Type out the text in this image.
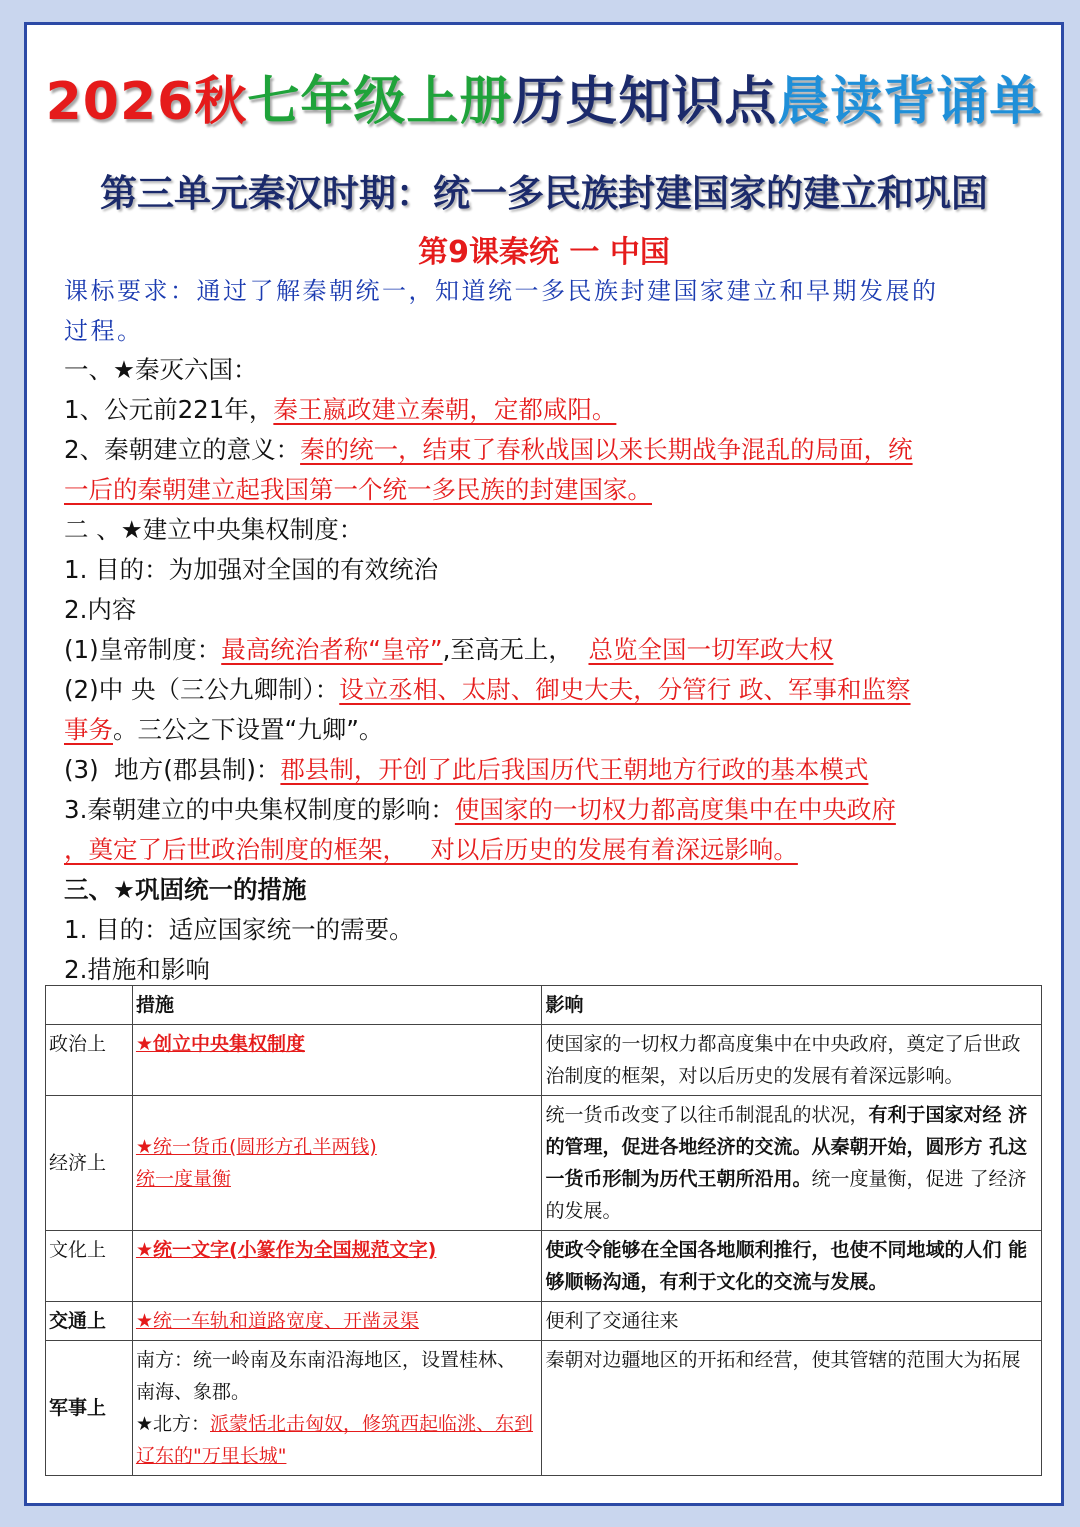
2026秋七年级上册历史知识点晨读背诵单
第三单元秦汉时期：统一多民族封建国家的建立和巩固
第9课秦统 一 中国
课标要求：通过了解秦朝统一，知道统一多民族封建国家建立和早期发展的
过程。
一、★秦灭六国：
1、公元前221年，秦王嬴政建立秦朝，定都咸阳。
2、秦朝建立的意义：秦的统一，结束了春秋战国以来长期战争混乱的局面，统
一后的秦朝建立起我国第一个统一多民族的封建国家。
二 、★建立中央集权制度：
1. 目的：为加强对全国的有效统治
2.内容
(1)皇帝制度：最高统治者称“皇帝”,至高无上，  总览全国一切军政大权
(2)中 央（三公九卿制）：设立丞相、太尉、御史大夫，分管行 政、军事和监察
事务。三公之下设置“九卿”。
(3)  地方(郡县制)：郡县制，开创了此后我国历代王朝地方行政的基本模式
3.秦朝建立的中央集权制度的影响：使国家的一切权力都高度集中在中央政府
，奠定了后世政治制度的框架，   对以后历史的发展有着深远影响。
三、★巩固统一的措施
1. 目的：适应国家统一的需要。
2.措施和影响
	措施	影响
政治上	★创立中央集权制度	使国家的一切权力都高度集中在中央政府，奠定了后世政治制度的框架，对以后历史的发展有着深远影响。
经济上	★统一货币(圆形方孔半两钱)
统一度量衡	统一货币改变了以往币制混乱的状况，有利于国家对经 济的管理，促进各地经济的交流。从秦朝开始，圆形方 孔这一货币形制为历代王朝所沿用。统一度量衡，促进 了经济的发展。
文化上	★统一文字(小篆作为全国规范文字)	使政令能够在全国各地顺利推行，也使不同地域的人们 能够顺畅沟通，有利于文化的交流与发展。
交通上	★统一车轨和道路宽度、开凿灵渠	便利了交通往来
军事上	南方：统一岭南及东南沿海地区，设置桂林、 南海、象郡。
★北方：派蒙恬北击匈奴，修筑西起临洮、东到辽东的"万里长城"	秦朝对边疆地区的开拓和经营，使其管辖的范围大为拓展
